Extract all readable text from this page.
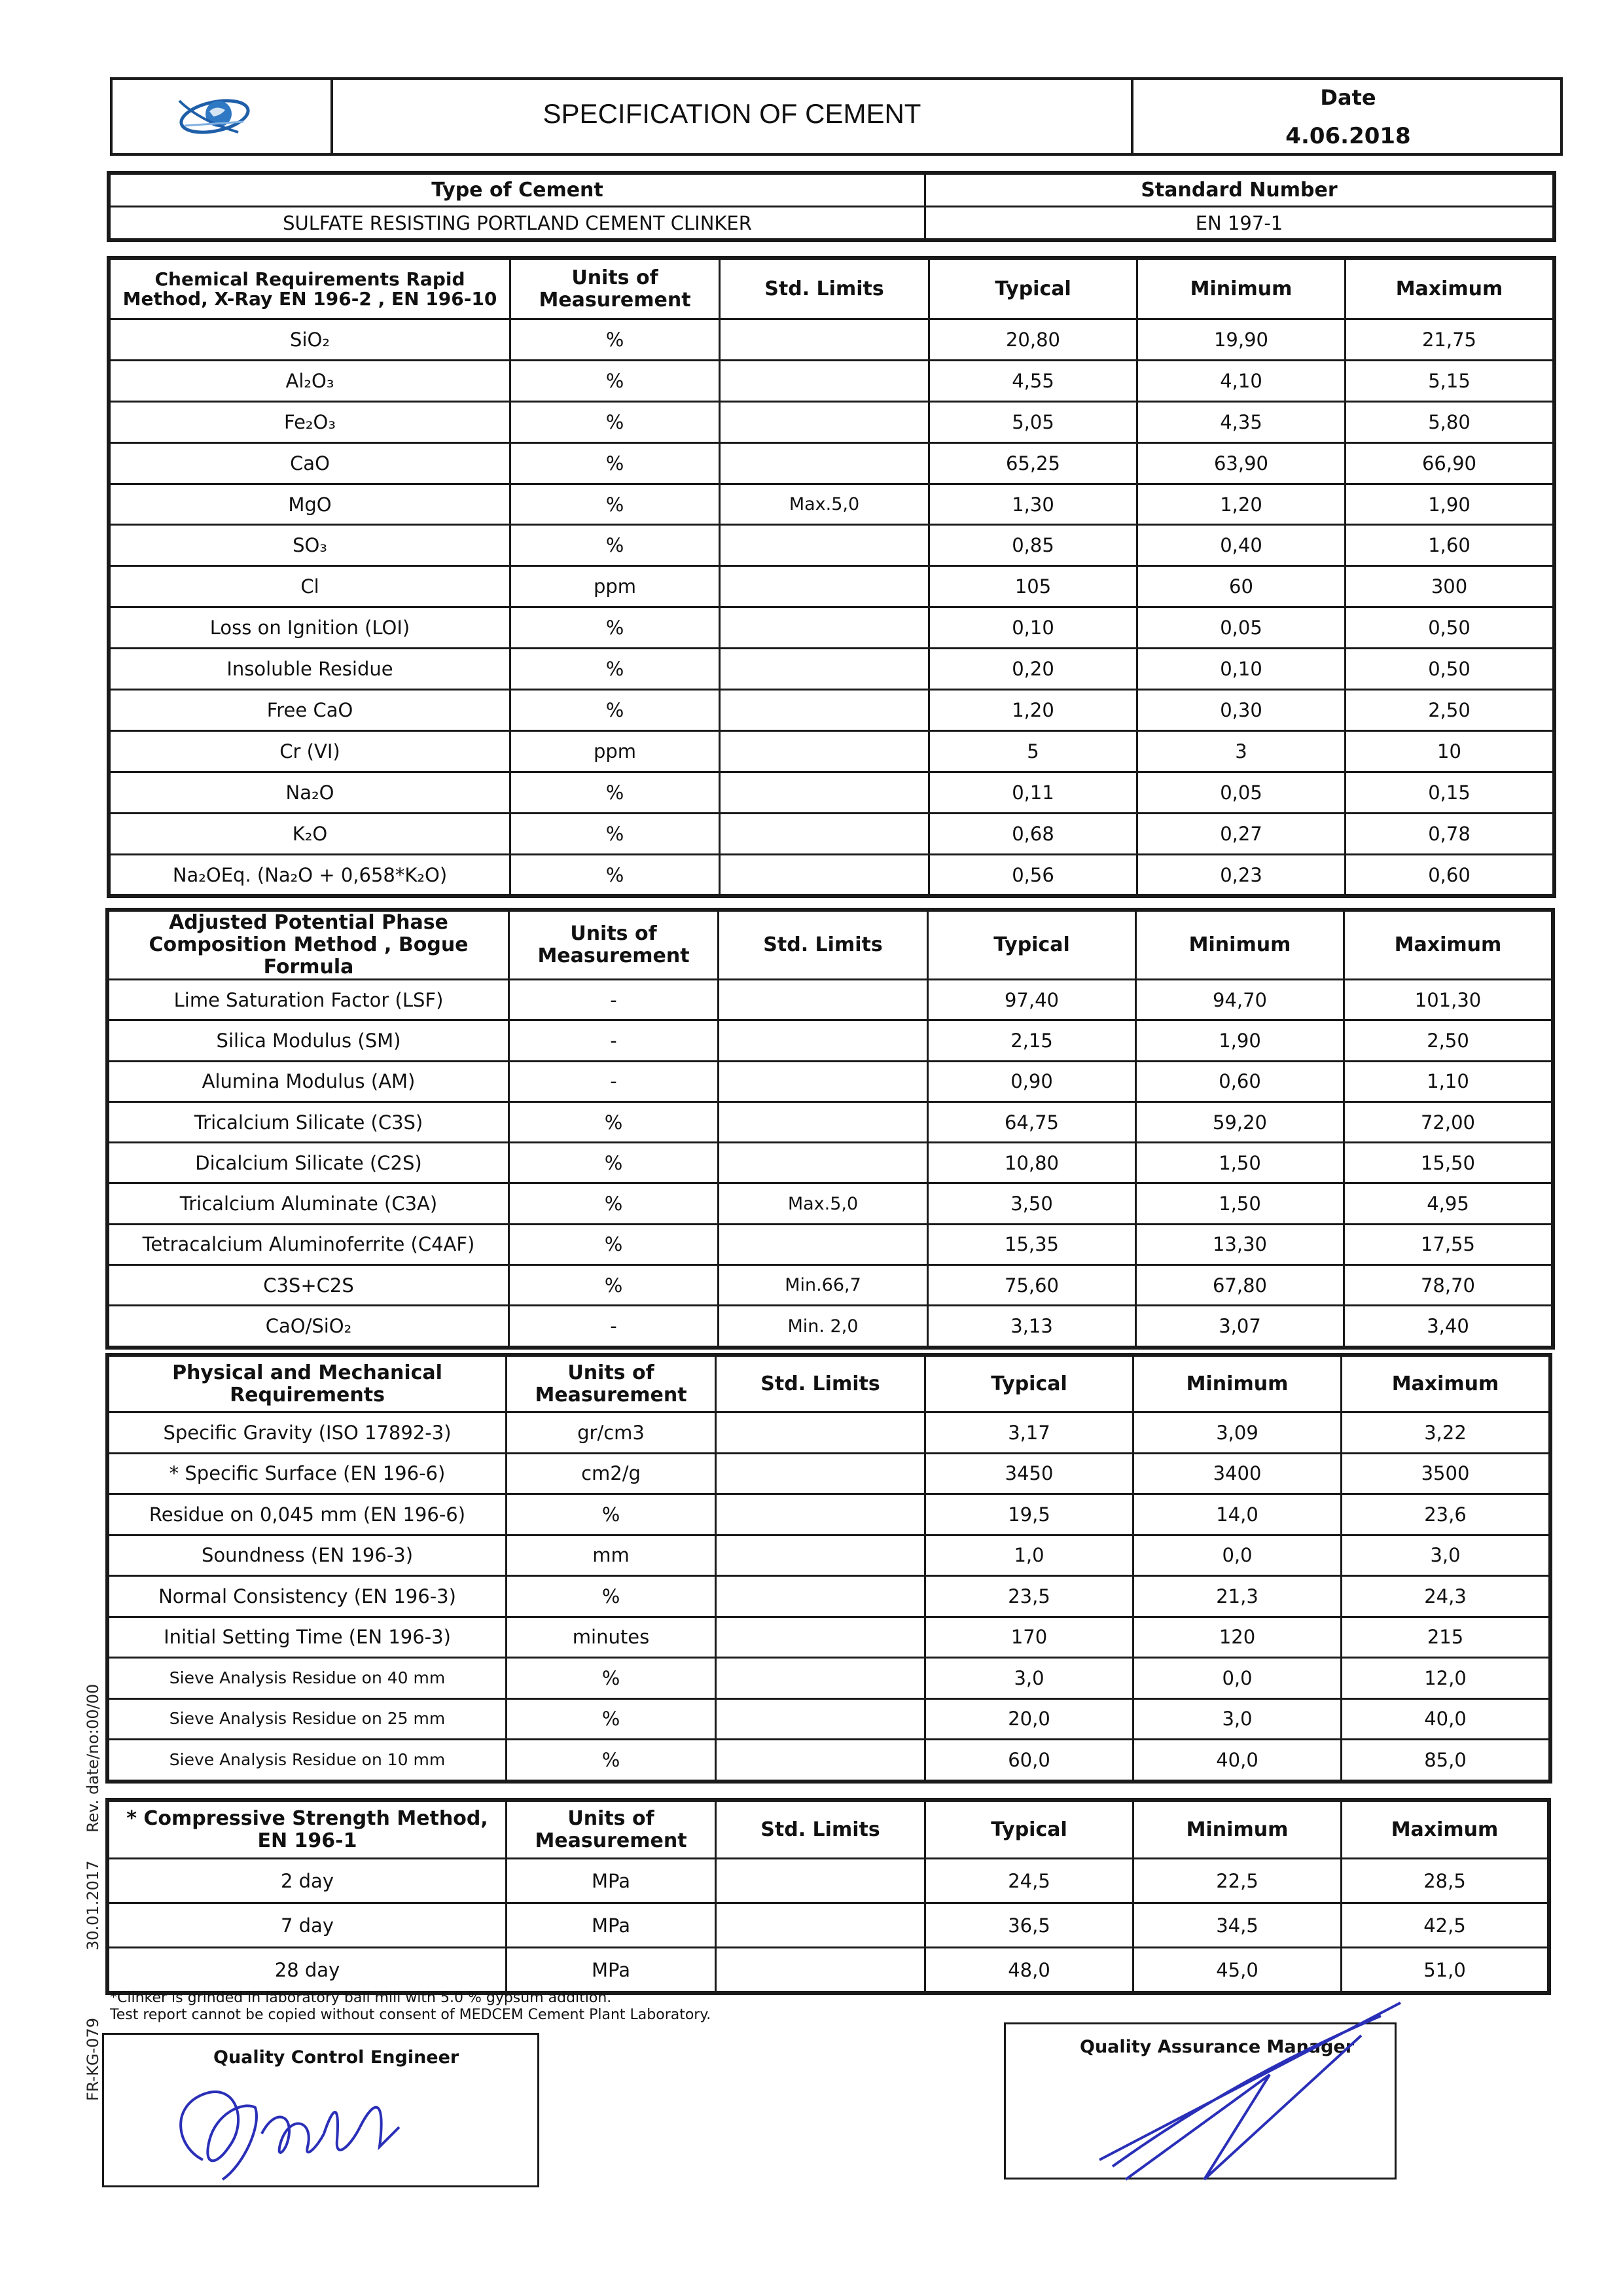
SPECIFICATION OF CEMENT
Date
4.06.2018
Type of Cement	Standard Number
SULFATE RESISTING PORTLAND CEMENT CLINKER	EN 197-1
Chemical Requirements Rapid Method, X-Ray EN 196-2 , EN 196-10	Units of Measurement	Std. Limits	Typical	Minimum	Maximum
SiO₂	%		20,80	19,90	21,75
Al₂O₃	%		4,55	4,10	5,15
Fe₂O₃	%		5,05	4,35	5,80
CaO	%		65,25	63,90	66,90
MgO	%	Max.5,0	1,30	1,20	1,90
SO₃	%		0,85	0,40	1,60
Cl	ppm		105	60	300
Loss on Ignition (LOI)	%		0,10	0,05	0,50
Insoluble Residue	%		0,20	0,10	0,50
Free CaO	%		1,20	0,30	2,50
Cr (VI)	ppm		5	3	10
Na₂O	%		0,11	0,05	0,15
K₂O	%		0,68	0,27	0,78
Na₂OEq. (Na₂O + 0,658*K₂O)	%		0,56	0,23	0,60
Adjusted Potential Phase Composition Method , Bogue Formula	Units of Measurement	Std. Limits	Typical	Minimum	Maximum
Lime Saturation Factor (LSF)	-		97,40	94,70	101,30
Silica Modulus (SM)	-		2,15	1,90	2,50
Alumina Modulus (AM)	-		0,90	0,60	1,10
Tricalcium Silicate (C3S)	%		64,75	59,20	72,00
Dicalcium Silicate (C2S)	%		10,80	1,50	15,50
Tricalcium Aluminate (C3A)	%	Max.5,0	3,50	1,50	4,95
Tetracalcium Aluminoferrite (C4AF)	%		15,35	13,30	17,55
C3S+C2S	%	Min.66,7	75,60	67,80	78,70
CaO/SiO₂	-	Min. 2,0	3,13	3,07	3,40
Physical and Mechanical Requirements	Units of Measurement	Std. Limits	Typical	Minimum	Maximum
Specific Gravity (ISO 17892-3)	gr/cm3		3,17	3,09	3,22
* Specific Surface (EN 196-6)	cm2/g		3450	3400	3500
Residue on 0,045 mm (EN 196-6)	%		19,5	14,0	23,6
Soundness (EN 196-3)	mm		1,0	0,0	3,0
Normal Consistency (EN 196-3)	%		23,5	21,3	24,3
Initial Setting Time (EN 196-3)	minutes		170	120	215
Sieve Analysis Residue on 40 mm	%		3,0	0,0	12,0
Sieve Analysis Residue on 25 mm	%		20,0	3,0	40,0
Sieve Analysis Residue on 10 mm	%		60,0	40,0	85,0
* Compressive Strength Method, EN 196-1	Units of Measurement	Std. Limits	Typical	Minimum	Maximum
2 day	MPa		24,5	22,5	28,5
7 day	MPa		36,5	34,5	42,5
28 day	MPa		48,0	45,0	51,0
*Clinker is grinded in laboratory ball mill with 5.0 % gypsum addition.
Test report cannot be copied without consent of MEDCEM Cement Plant Laboratory.
Quality Control Engineer
Quality Assurance Manager
FR-KG-079
30.01.2017
Rev. date/no:00/00
